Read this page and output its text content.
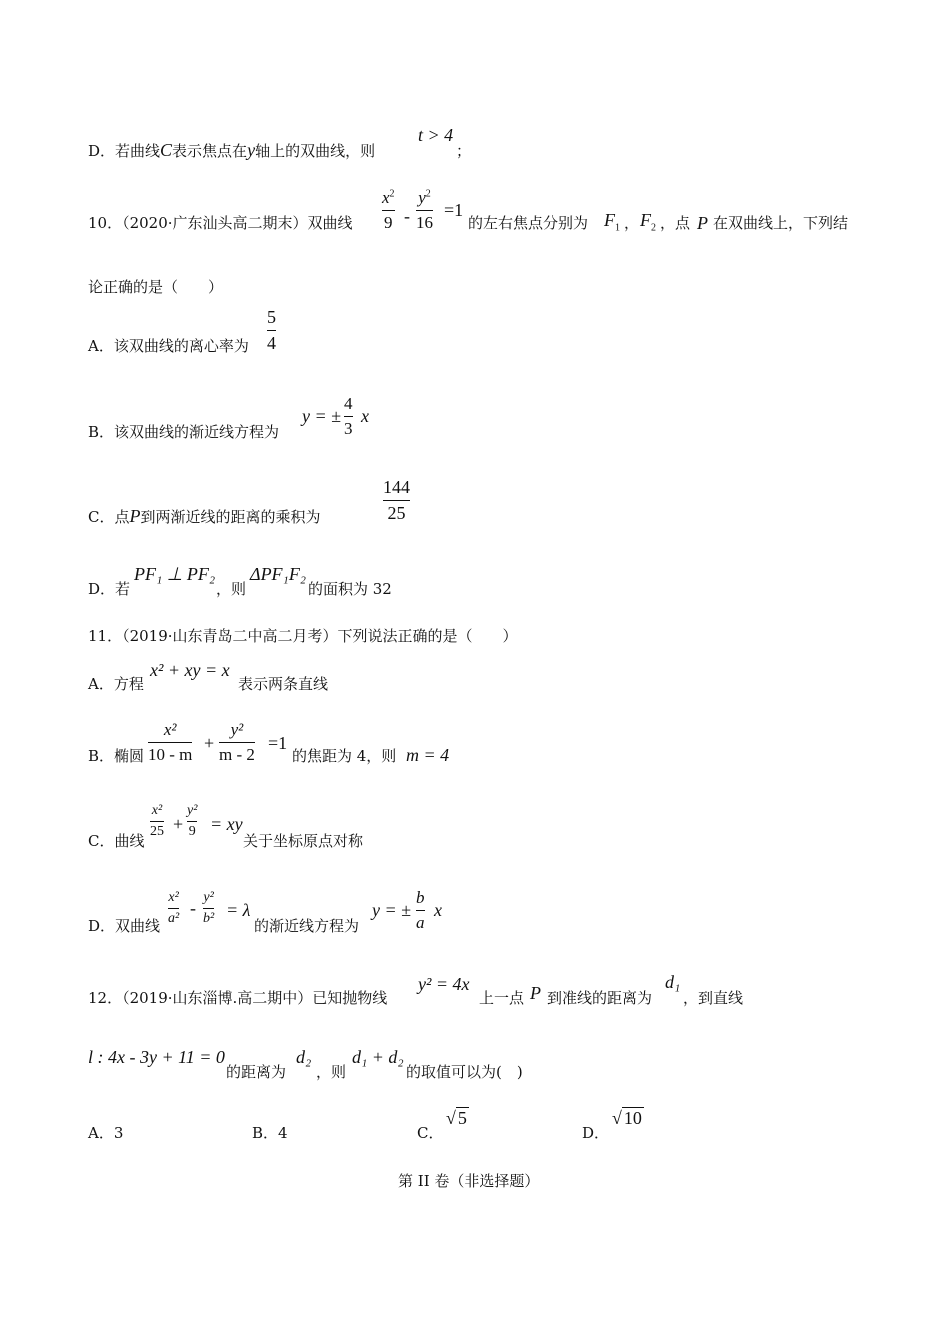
D．若曲线C表示焦点在y轴上的双曲线，则
t > 4
；
10．（2020·广东汕头高二期末）双曲线
$x^2$
9 -
$y^2$
16
=1
的左右焦点分别为 $F_1$ ， $F_2$ ，点 P 在双曲线上，下列结
论正确的是（　　）
A．该双曲线的离心率为
5
4
B．该双曲线的渐近线方程为
y = ±
4
3
x
C．点P到两渐近线的距离的乘积为
144
25
D．若
PF₁ ⊥ PF₂
，则
ΔPF₁F₂
的面积为 32
11．（2019·山东青岛二中高二月考）下列说法正确的是（　　）
A．方程
x² + xy = x
表示两条直线
B．椭圆
x²
10 - m
+
y²
m - 2
=1
的焦距为 4，则 m = 4
C．曲线
x²
25 +
y²
9 = xy
关于坐标原点对称
D．双曲线
x²
a²
-
y²
b² = λ
的渐近线方程为
y = ±
b
a
x
12．（2019·山东淄博.高二期中）已知抛物线
y² = 4x
上一点 P 到准线的距离为
d₁
，到直线
l : 4x - 3y + 11 = 0
的距离为
d₂
，则
d₁ + d₂
的取值可以为(　)
A．3	B．4	C．
√ 5
D．
√ 10
第 II 卷（非选择题）
